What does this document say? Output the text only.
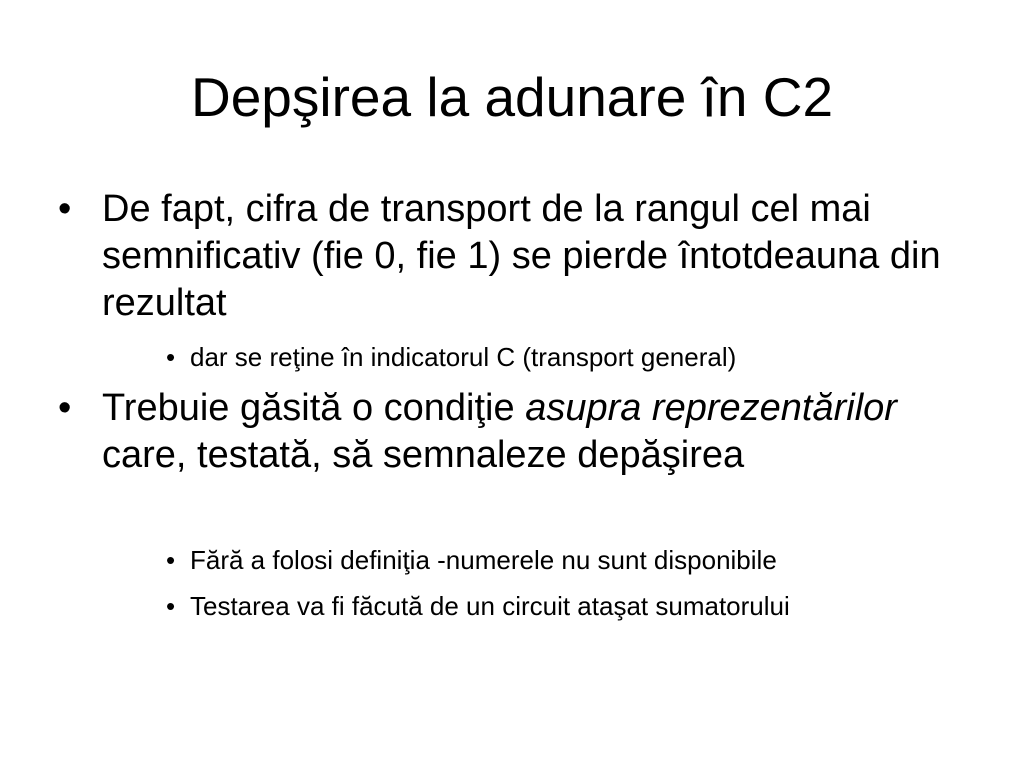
Depşirea la adunare în C2
• De fapt, cifra de transport de la rangul cel mai semnificativ (fie 0, fie 1) se pierde întotdeauna din rezultat
• dar se reţine în indicatorul C (transport general)
• Trebuie găsită o condiţie asupra reprezentărilor care, testată, să semnaleze depăşirea
• Fără a folosi definiţia -numerele nu sunt disponibile
• Testarea va fi făcută de un circuit ataşat sumatorului
